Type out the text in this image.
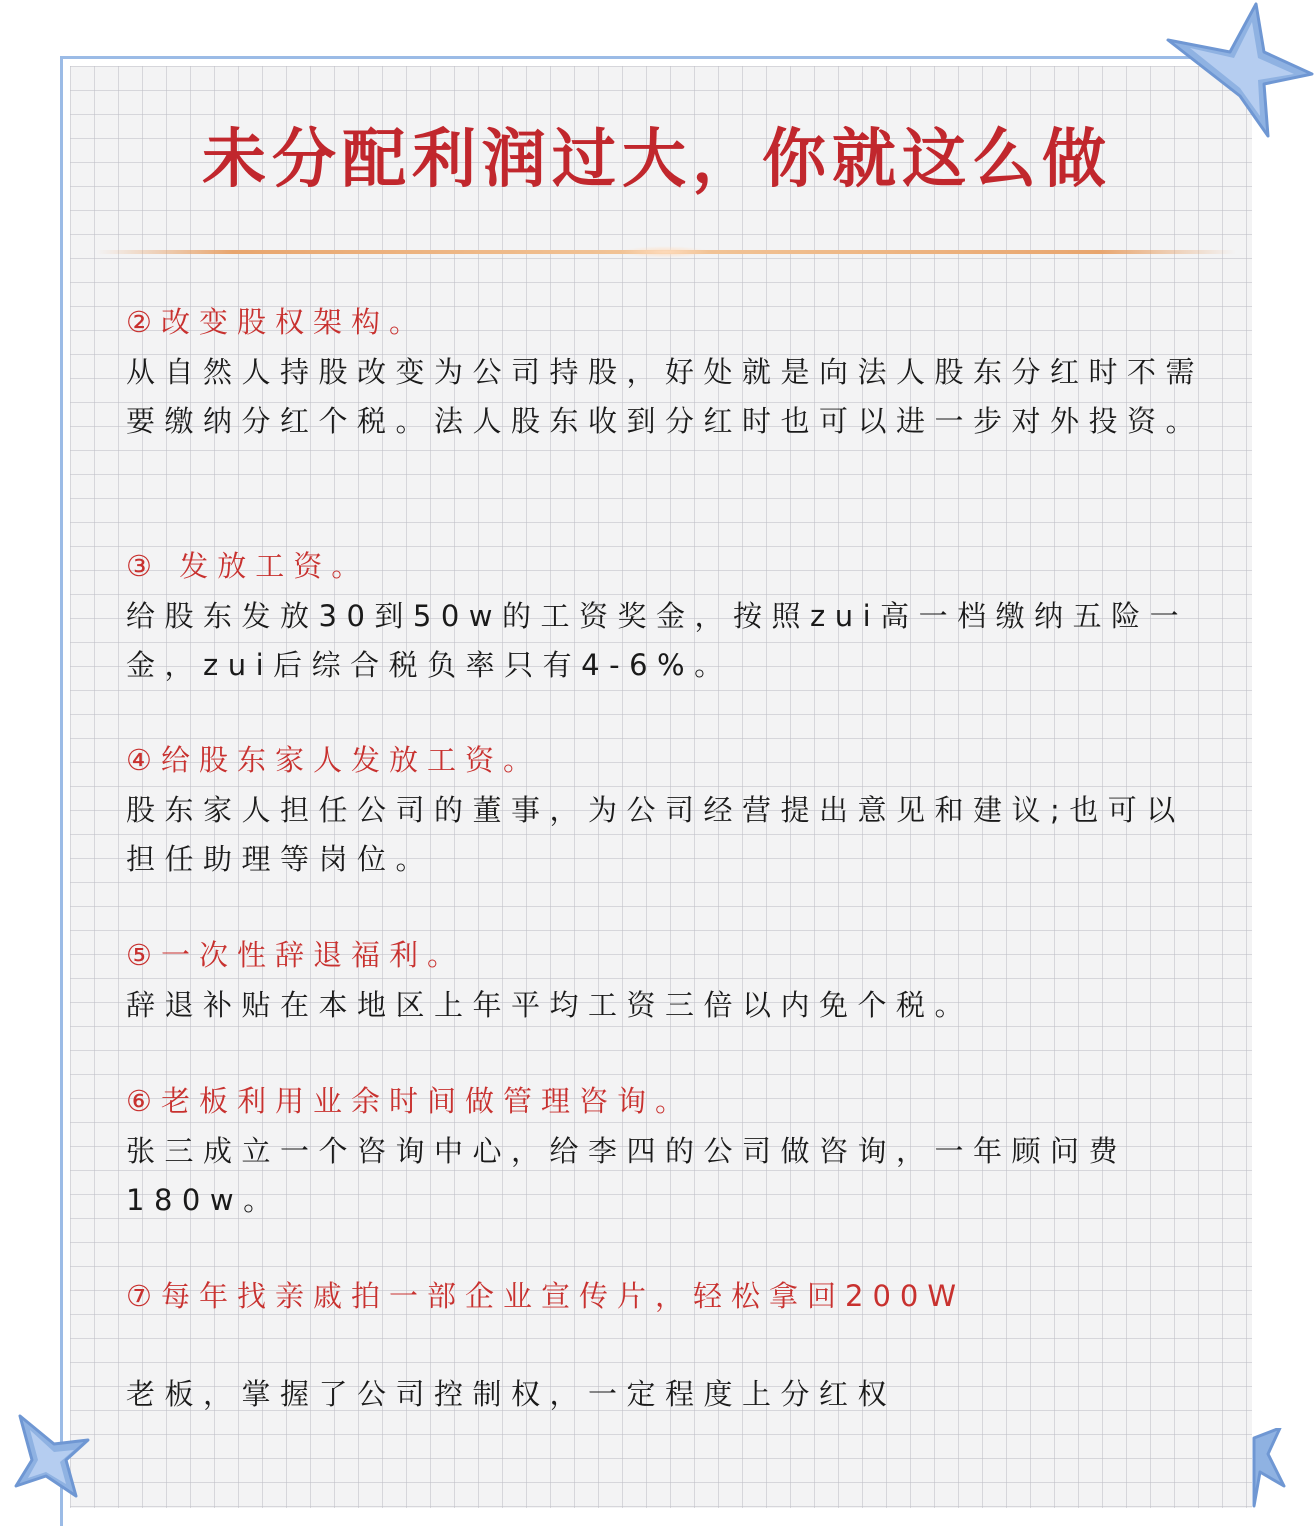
未分配利润过大，你就这么做

②改变股权架构。

从自然人持股改变为公司持股，好处就是向法人股东分红时不需要缴纳分红个税。法人股东收到分红时也可以进一步对外投资。

③ 发放工资。

给股东发放30到50w的工资奖金，按照zui高一档缴纳五险一金，zui后综合税负率只有4-6%。

④给股东家人发放工资。

股东家人担任公司的董事，为公司经营提出意见和建议;也可以担任助理等岗位。

⑤一次性辞退福利。

辞退补贴在本地区上年平均工资三倍以内免个税。

⑥老板利用业余时间做管理咨询。

张三成立一个咨询中心，给李四的公司做咨询，一年顾问费180w。

⑦每年找亲戚拍一部企业宣传片，轻松拿回200W

老板，掌握了公司控制权，一定程度上分红权
